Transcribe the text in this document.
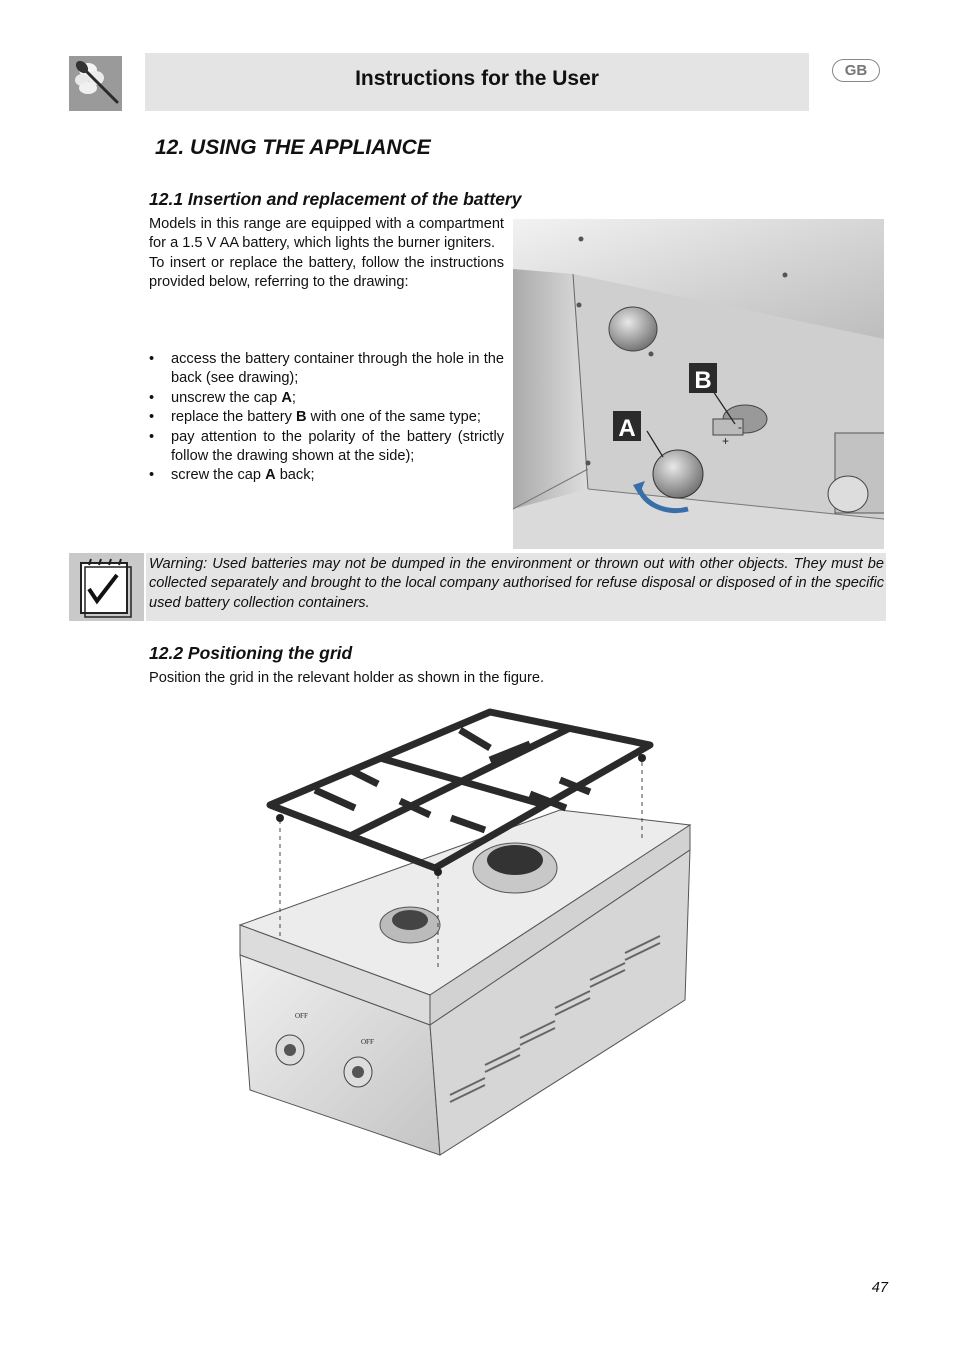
Instructions for the User	GB
12. USING THE APPLIANCE
12.1 Insertion and replacement of the battery

Models in this range are equipped with a compartment for a 1.5 V AA battery, which lights the burner igniters.

To insert or replace the battery, follow the instructions provided below, referring to the drawing:

• access the battery container through the hole in the back (see drawing);
• unscrew the cap A;
• replace the battery B with one of the same type;
• pay attention to the polarity of the battery (strictly follow the drawing shown at the side);
• screw the cap A back;
+
-
B
A
Warning: Used batteries may not be dumped in the environment or thrown out with other objects. They must be collected separately and brought to the local company authorised for refuse disposal or disposed of in the specific used battery collection containers.
12.2 Positioning the grid
Position the grid in the relevant holder as shown in the figure.
OFF
OFF
47
